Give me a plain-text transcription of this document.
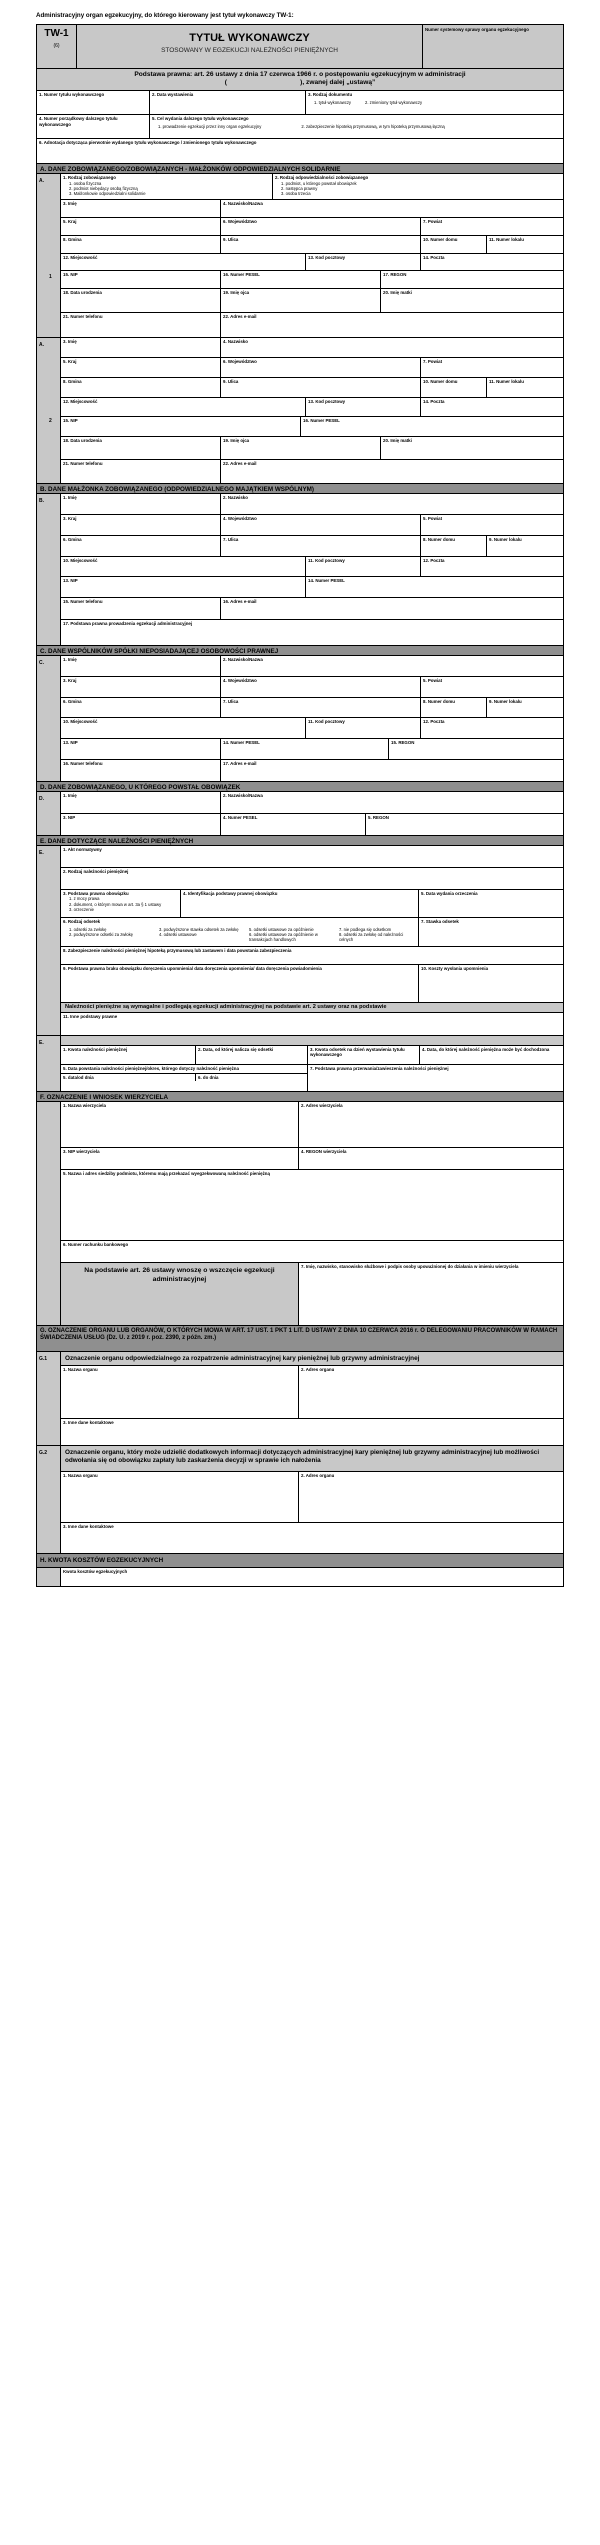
Administracyjny organ egzekucyjny, do którego kierowany jest tytuł wykonawczy TW-1:
TW-1
(6)
TYTUŁ WYKONAWCZY
STOSOWANY W EGZEKUCJI NALEŻNOŚCI PIENIĘŻNYCH
Numer systemowy sprawy organu egzekucyjnego
Podstawa prawna: art. 26 ustawy z dnia 17 czerwca 1966 r. o postępowaniu egzekucyjnym w administracji
(                                        ), zwanej dalej „ustawą”
1. Numer tytułu wykonawczego	2. Data wystawienia	3. Rodzaj dokumentu
1. tytuł wykonawczy	2. zmieniony tytuł wykonawczy
4. Numer porządkowy dalszego tytułu wykonawczego
5. Cel wydania dalszego tytułu wykonawczego
1. prowadzenie egzekucji przez inny organ egzekucyjny	2. zabezpieczenie hipoteką przymusową, w tym hipoteką przymusową łączną
6. Adnotacja dotycząca pierwotnie wydanego tytułu wykonawczego / zmienionego tytułu wykonawczego
A. DANE ZOBOWIĄZANEGO/ZOBOWIĄZANYCH - MAŁŻONKÓW ODPOWIEDZIALNYCH SOLIDARNIE
A.
1
1. Rodzaj zobowiązanego
1. osoba fizyczna
2. podmiot niebędący osobą fizyczną
3. Małżonkowie odpowiedzialni solidarnie
2. Rodzaj odpowiedzialności zobowiązanego
1. podmiot, u którego powstał obowiązek
2. następca prawny
3. osoba trzecia
3. Imię	4. Nazwisko/Nazwa
5. Kraj	6. Województwo	7. Powiat
8. Gmina	9. Ulica	10. Numer domu	11. Numer lokalu
12. Miejscowość	13. Kod pocztowy	14. Poczta
15. NIP	16. Numer PESEL	17. REGON
18. Data urodzenia	19. Imię ojca	20. Imię matki
21. Numer telefonu	22. Adres e-mail
A.
2
3. Imię	4. Nazwisko
5. Kraj	6. Województwo	7. Powiat
8. Gmina	9. Ulica	10. Numer domu	11. Numer lokalu
12. Miejscowość	13. Kod pocztowy	14. Poczta
15. NIP	16. Numer PESEL
18. Data urodzenia	19. Imię ojca	20. Imię matki
21. Numer telefonu	22. Adres e-mail
B. DANE MAŁŻONKA ZOBOWIĄZANEGO (ODPOWIEDZIALNEGO MAJĄTKIEM WSPÓLNYM)
B.
1. Imię	2. Nazwisko
3. Kraj	4. Województwo	5. Powiat
6. Gmina	7. Ulica	8. Numer domu	9. Numer lokalu
10. Miejscowość	11. Kod pocztowy	12. Poczta
13. NIP	14. Numer PESEL
15. Numer telefonu	16. Adres e-mail
17. Podstawa prawna prowadzenia egzekucji administracyjnej
C. DANE WSPÓLNIKÓW SPÓŁKI NIEPOSIADAJĄCEJ OSOBOWOŚCI PRAWNEJ
C.
1. Imię	2. Nazwisko/Nazwa
3. Kraj	4. Województwo	5. Powiat
6. Gmina	7. Ulica	8. Numer domu	9. Numer lokalu
10. Miejscowość	11. Kod pocztowy	12. Poczta
13. NIP	14. Numer PESEL	15. REGON
16. Numer telefonu	17. Adres e-mail
D. DANE ZOBOWIĄZANEGO, U KTÓREGO POWSTAŁ OBOWIĄZEK
D.
1. Imię	2. Nazwisko/Nazwa
3. NIP	4. Numer PESEL	5. REGON
E. DANE DOTYCZĄCE NALEŻNOŚCI PIENIĘŻNYCH
E.
1. Akt normatywny
2. Rodzaj należności pieniężnej
3. Podstawa prawna obowiązku
1. z mocy prawa
2. dokument, o którym mowa w art. 3a § 1 ustawy
3. orzeczenie
4. Identyfikacja podstawy prawnej obowiązku	5. Data wydania orzeczenia
6. Rodzaj odsetek
1. odsetki za zwłokę
2. podwyższone odsetki za zwłokę
3. podwyższone stawka odsetek za zwłokę
4. odsetki ustawowe
5. odsetki ustawowe za opóźnienie
6. odsetki ustawowe za opóźnienie w transakcjach handlowych
7. nie podlega się odsetkom
8. odsetki za zwłokę od należności celnych
7. Stawka odsetek
8. Zabezpieczenie należności pieniężnej hipoteką przymusową lub zastawem i data powstania zabezpieczenia
9. Podstawa prawna braku obowiązku doręczenia upomnienia/ data doręczenia upomnienia/ data doręczenia powiadomienia	10. Koszty wysłania upomnienia
Należności pieniężne są wymagalne i podlegają egzekucji administracyjnej na podstawie art. 2 ustawy oraz na podstawie
11. Inne podstawy prawne
E.
1. Kwota należności pieniężnej	2. Data, od której nalicza się odsetki	3. Kwota odsetek na dzień wystawienia tytułu wykonawczego
4. Data, do której należność pieniężna może być dochodzona
5. Data powstania należności pieniężnej/okres, którego dotyczy należność pieniężna
5. data/od dnia	6. do dnia
7. Podstawa prawna przerwania/zawieszenia należności pieniężnej
F. OZNACZENIE I WNIOSEK WIERZYCIELA
1. Nazwa wierzyciela	2. Adres wierzyciela
3. NIP wierzyciela	4. REGON wierzyciela
5. Nazwa i adres siedziby podmiotu, któremu mają przekazać wyegzekwowaną należność pieniężną
6. Numer rachunku bankowego
Na podstawie art. 26 ustawy wnoszę o wszczęcie egzekucji administracyjnej
7. Imię, nazwisko, stanowisko służbowe i podpis osoby upoważnionej do działania w imieniu wierzyciela
G. OZNACZENIE ORGANU LUB ORGANÓW, O KTÓRYCH MOWA W ART. 17 UST. 1 PKT 1 LIT. D USTAWY Z DNIA 10 CZERWCA 2016 r. O DELEGOWANIU PRACOWNIKÓW W RAMACH ŚWIADCZENIA USŁUG (Dz. U. z 2019 r. poz. 2390, z późn. zm.)
G.1	Oznaczenie organu odpowiedzialnego za rozpatrzenie administracyjnej kary pieniężnej lub grzywny administracyjnej
1. Nazwa organu	2. Adres organu
3. Inne dane kontaktowe
G.2	Oznaczenie organu, który może udzielić dodatkowych informacji dotyczących administracyjnej kary pieniężnej lub grzywny administracyjnej lub możliwości odwołania się od obowiązku zapłaty lub zaskarżenia decyzji w sprawie ich nałożenia
1. Nazwa organu	2. Adres organu
3. Inne dane kontaktowe
H. KWOTA KOSZTÓW EGZEKUCYJNYCH
Kwota kosztów egzekucyjnych
